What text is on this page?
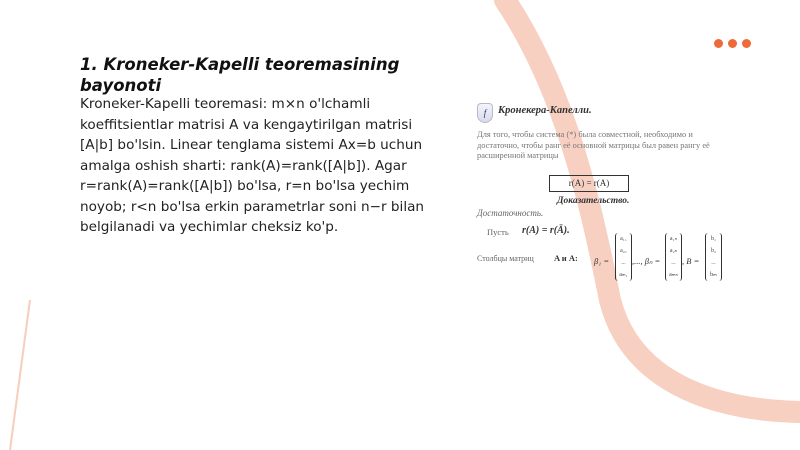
1. Kroneker-Kapelli teoremasining bayonoti

Kroneker-Kapelli teoremasi: m×n o'lchamli koeffitsientlar matrisi A va kengaytirilgan matrisi [A|b] bo'lsin. Linear tenglama sistemi Ax=b uchun amalga oshish sharti: rank(A)=rank([A|b]). Agar r=rank(A)=rank([A|b]) bo'lsa, r=n bo'lsa yechim noyob; r<n bo'lsa erkin parametrlar soni n−r bilan belgilanadi va yechimlar cheksiz ko'p.

f	Кронекера-Капелли.
Для того, чтобы система (*) была совместной, необходимо и достаточно, чтобы ранг её основной матрицы был равен рангу её расширенной матрицы
r(A) = r(A)
Доказательство.
Достаточность.
Пусть r(A) = r(Ā).
Столбцы матриц A и A: β₁ =
a₁₁
a₂₁
...
aₘ₁
,..., βₙ =
a₁ₙ
a₂ₙ
...
aₘₙ
, B =
b₁
b₂
...
bₘ
